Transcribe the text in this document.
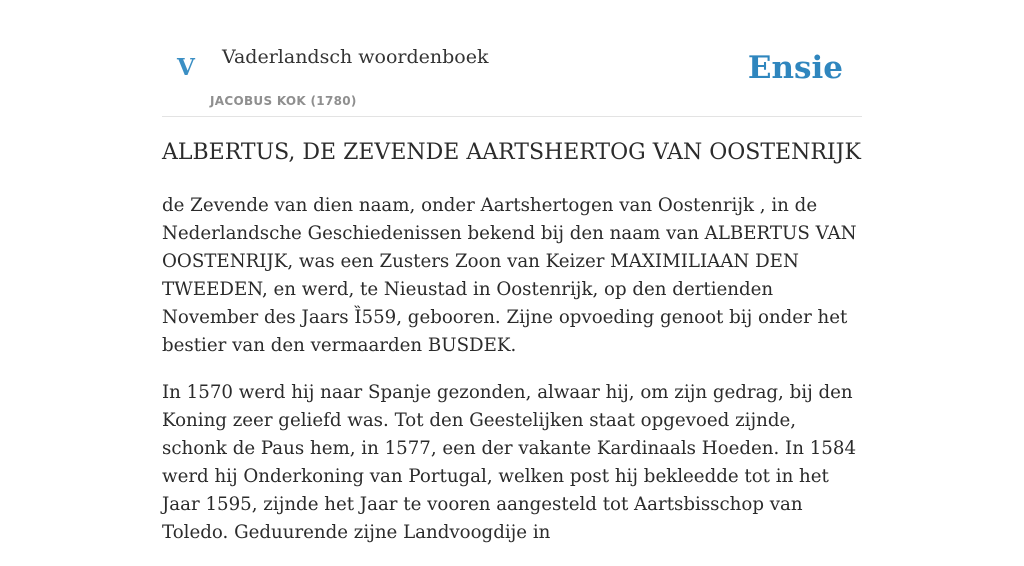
V Vaderlandsch woordenboek
JACOBUS KOK (1780)
Ensie
ALBERTUS, DE ZEVENDE AARTSHERTOG VAN OOSTENRIJK

de Zevende van dien naam, onder Aartshertogen van Oostenrijk , in de Nederlandsche Geschiedenissen bekend bij den naam van ALBERTUS VAN OOSTENRIJK, was een Zusters Zoon van Keizer MAXIMILIAAN DEN TWEEDEN, en werd, te Nieustad in Oostenrijk, op den dertienden November des Jaars Ȉ559, gebooren. Zijne opvoeding genoot bij onder het bestier van den vermaarden BUSDEK.

In 1570 werd hij naar Spanje gezonden, alwaar hij, om zijn gedrag, bij den Koning zeer geliefd was. Tot den Geestelijken staat opgevoed zijnde, schonk de Paus hem, in 1577, een der vakante Kardinaals Hoeden. In 1584 werd hij Onderkoning van Portugal, welken post hij bekleedde tot in het Jaar 1595, zijnde het Jaar te vooren aangesteld tot Aartsbisschop van Toledo. Geduurende zijne Landvoogdije in
